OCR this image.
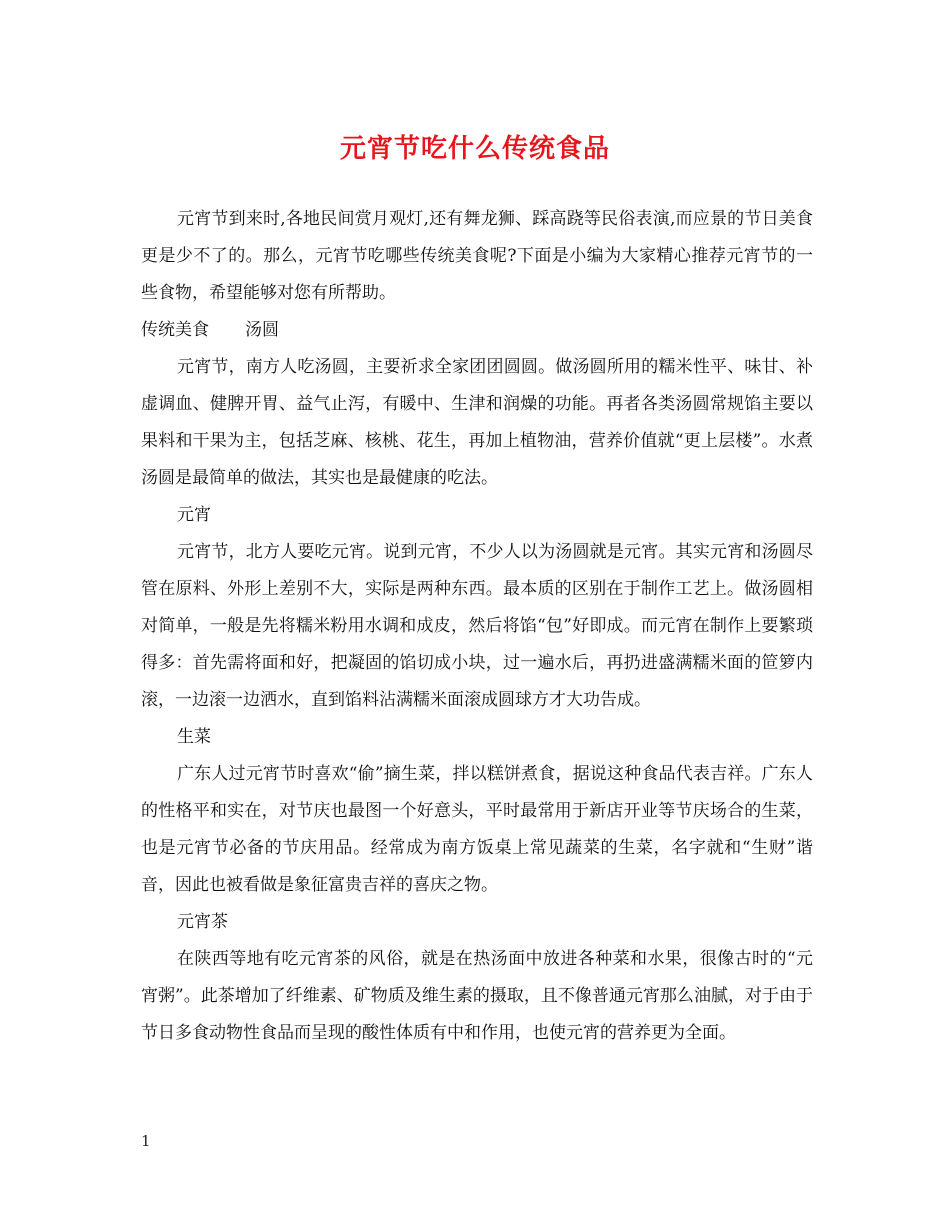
元宵节吃什么传统食品

元宵节到来时,各地民间赏月观灯,还有舞龙狮、踩高跷等民俗表演,而应景的节日美食更是少不了的。那么，元宵节吃哪些传统美食呢?下面是小编为大家精心推荐元宵节的一些食物，希望能够对您有所帮助。

传统美食 汤圆

元宵节，南方人吃汤圆，主要祈求全家团团圆圆。做汤圆所用的糯米性平、味甘、补虚调血、健脾开胃、益气止泻，有暖中、生津和润燥的功能。再者各类汤圆常规馅主要以果料和干果为主，包括芝麻、核桃、花生，再加上植物油，营养价值就“更上层楼”。水煮汤圆是最简单的做法，其实也是最健康的吃法。

元宵

元宵节，北方人要吃元宵。说到元宵，不少人以为汤圆就是元宵。其实元宵和汤圆尽管在原料、外形上差别不大，实际是两种东西。最本质的区别在于制作工艺上。做汤圆相对简单，一般是先将糯米粉用水调和成皮，然后将馅“包”好即成。而元宵在制作上要繁琐得多：首先需将面和好，把凝固的馅切成小块，过一遍水后，再扔进盛满糯米面的笸箩内滚，一边滚一边洒水，直到馅料沾满糯米面滚成圆球方才大功告成。

生菜

广东人过元宵节时喜欢“偷”摘生菜，拌以糕饼煮食，据说这种食品代表吉祥。广东人的性格平和实在，对节庆也最图一个好意头，平时最常用于新店开业等节庆场合的生菜，也是元宵节必备的节庆用品。经常成为南方饭桌上常见蔬菜的生菜，名字就和“生财”谐音，因此也被看做是象征富贵吉祥的喜庆之物。

元宵茶

在陕西等地有吃元宵茶的风俗，就是在热汤面中放进各种菜和水果，很像古时的“元宵粥”。此茶增加了纤维素、矿物质及维生素的摄取，且不像普通元宵那么油腻，对于由于节日多食动物性食品而呈现的酸性体质有中和作用，也使元宵的营养更为全面。

1
